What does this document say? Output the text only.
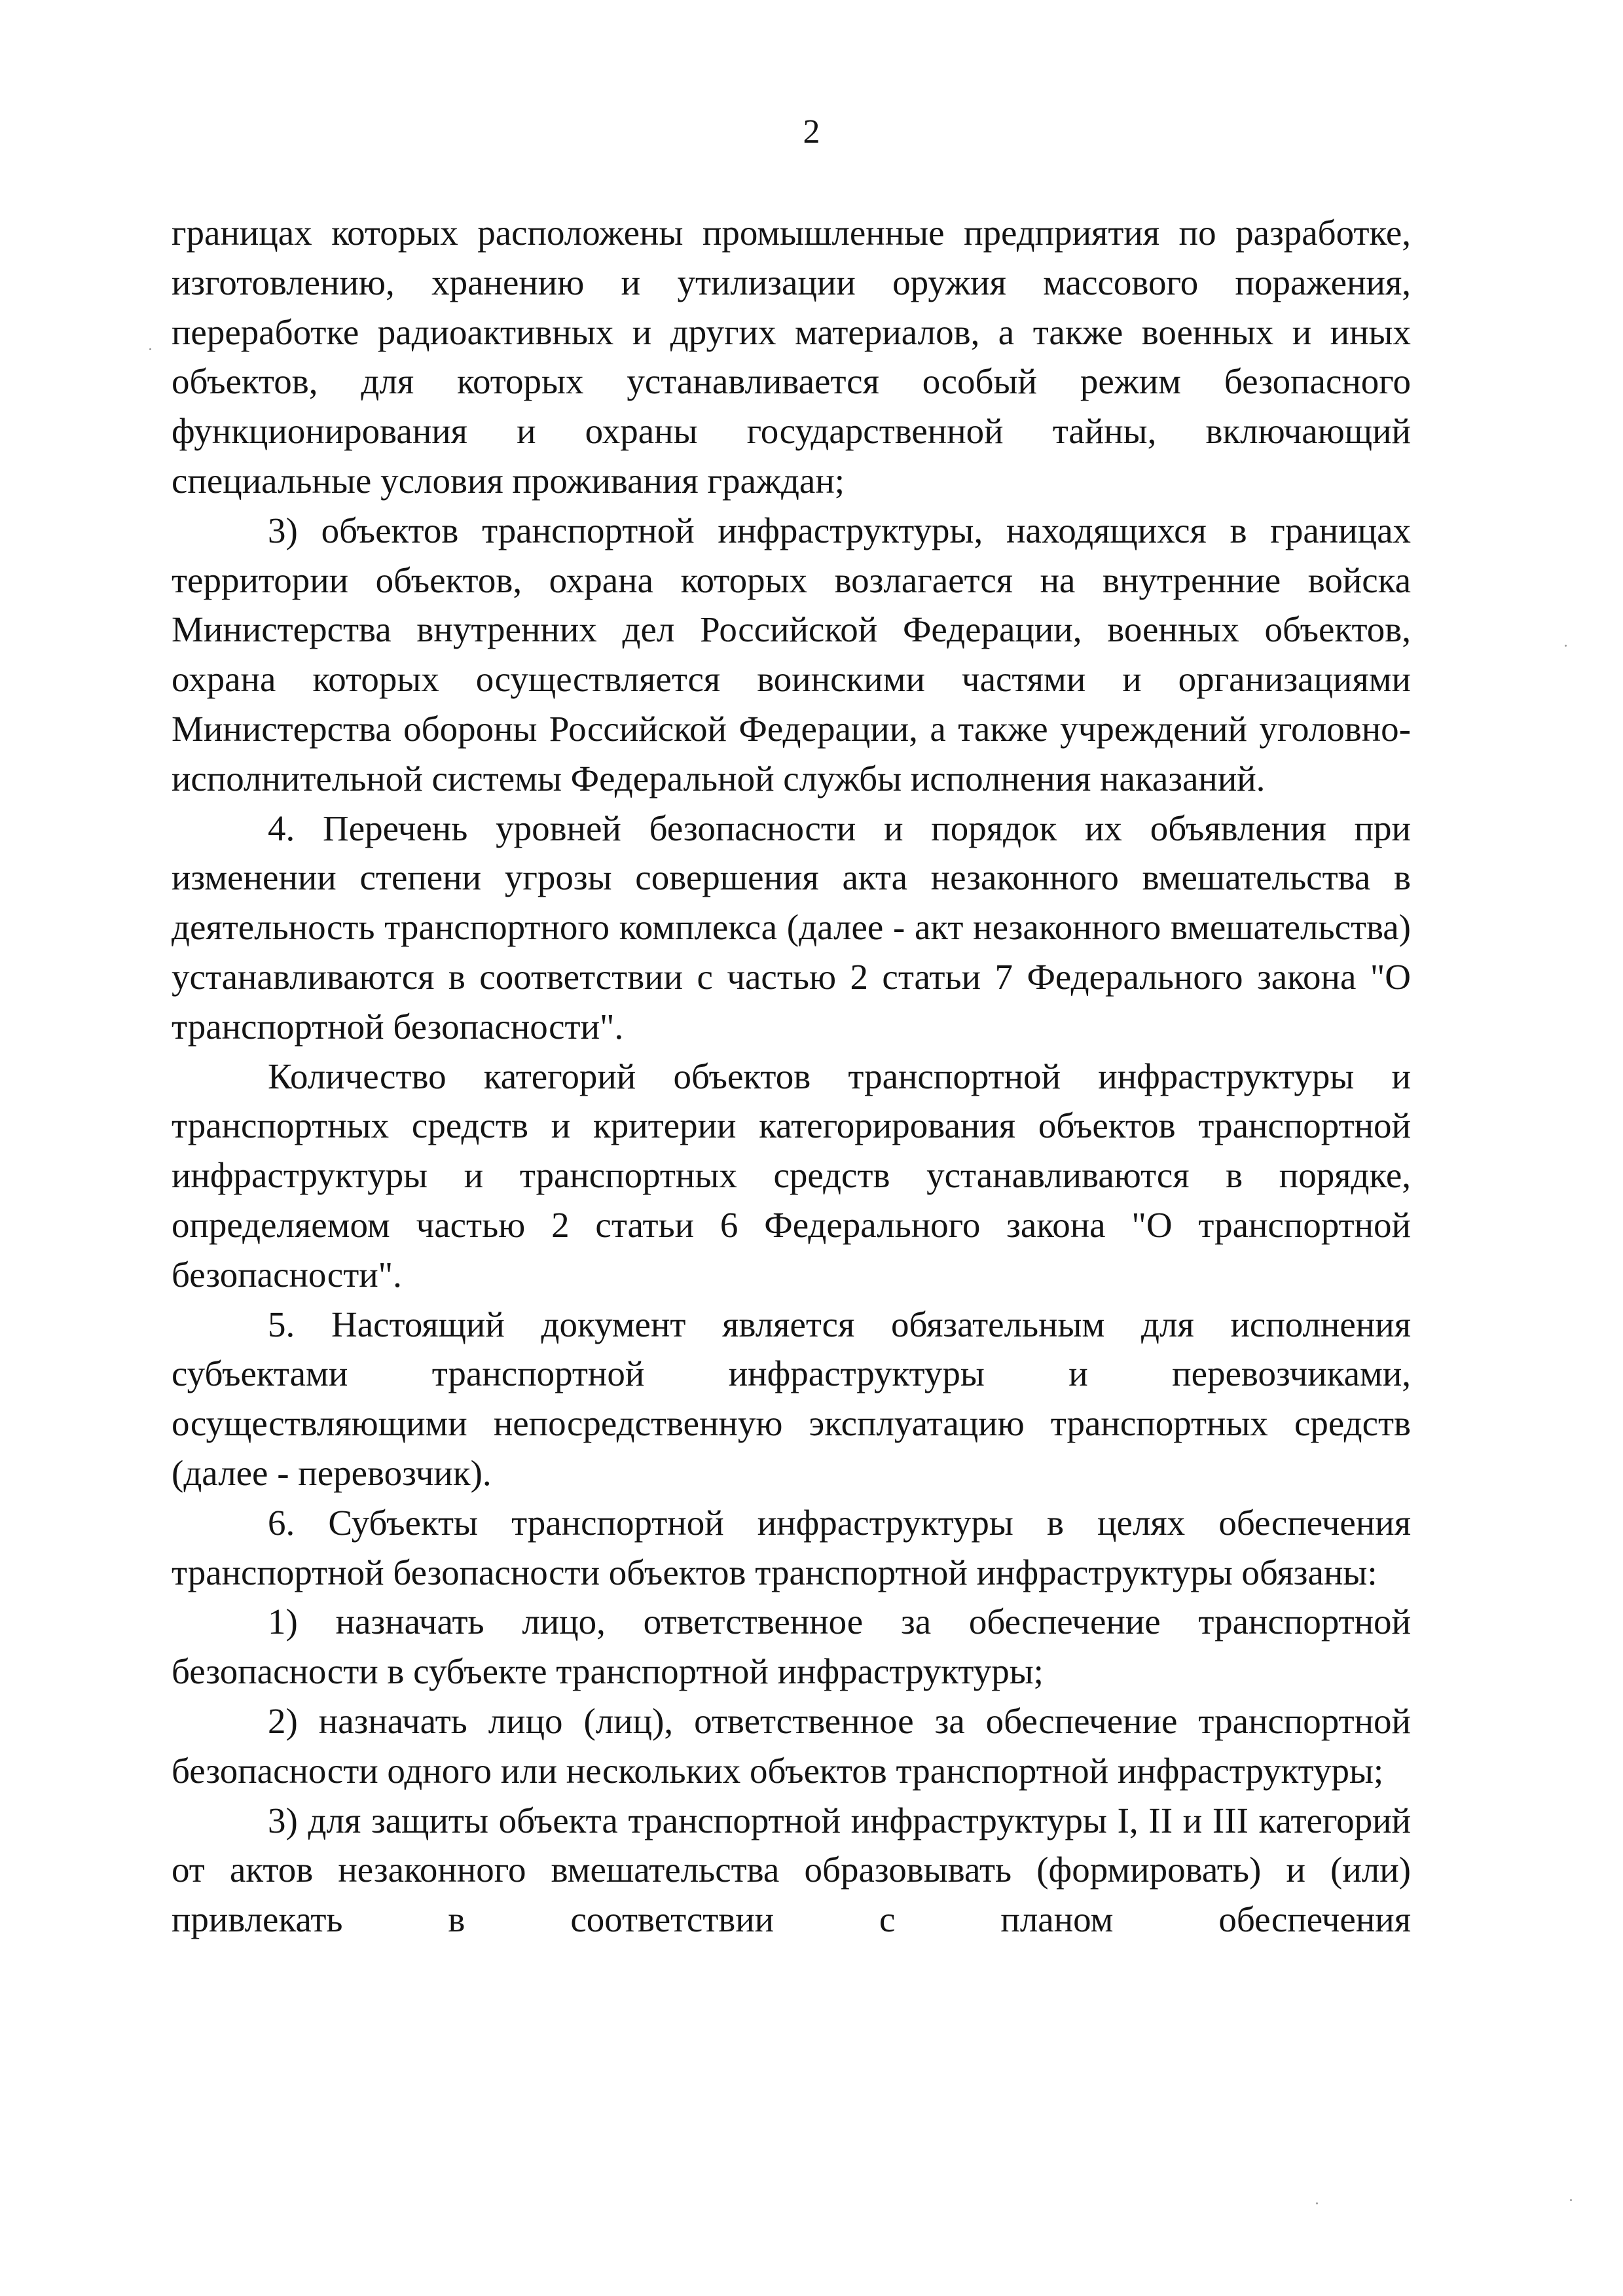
2

границах которых расположены промышленные предприятия по разработке, изготовлению, хранению и утилизации оружия массового поражения, переработке радиоактивных и других материалов, а также военных и иных объектов, для которых устанавливается особый режим безопасного функционирования и охраны государственной тайны, включающий специальные условия проживания граждан;

3) объектов транспортной инфраструктуры, находящихся в границах территории объектов, охрана которых возлагается на внутренние войска Министерства внутренних дел Российской Федерации, военных объектов, охрана которых осуществляется воинскими частями и организациями Министерства обороны Российской Федерации, а также учреждений уголовно-исполнительной системы Федеральной службы исполнения наказаний.

4. Перечень уровней безопасности и порядок их объявления при изменении степени угрозы совершения акта незаконного вмешательства в деятельность транспортного комплекса (далее - акт незаконного вмешательства) устанавливаются в соответствии с частью 2 статьи 7 Федерального закона "О транспортной безопасности".

Количество категорий объектов транспортной инфраструктуры и транспортных средств и критерии категорирования объектов транспортной инфраструктуры и транспортных средств устанавливаются в порядке, определяемом частью 2 статьи 6 Федерального закона "О транспортной безопасности".

5. Настоящий документ является обязательным для исполнения субъектами транспортной инфраструктуры и перевозчиками, осуществляющими непосредственную эксплуатацию транспортных средств (далее - перевозчик).

6. Субъекты транспортной инфраструктуры в целях обеспечения транспортной безопасности объектов транспортной инфраструктуры обязаны:

1) назначать лицо, ответственное за обеспечение транспортной безопасности в субъекте транспортной инфраструктуры;

2) назначать лицо (лиц), ответственное за обеспечение транспортной безопасности одного или нескольких объектов транспортной инфраструктуры;

3) для защиты объекта транспортной инфраструктуры I, II и III категорий от актов незаконного вмешательства образовывать (формировать) и (или) привлекать в соответствии с планом обеспечения
